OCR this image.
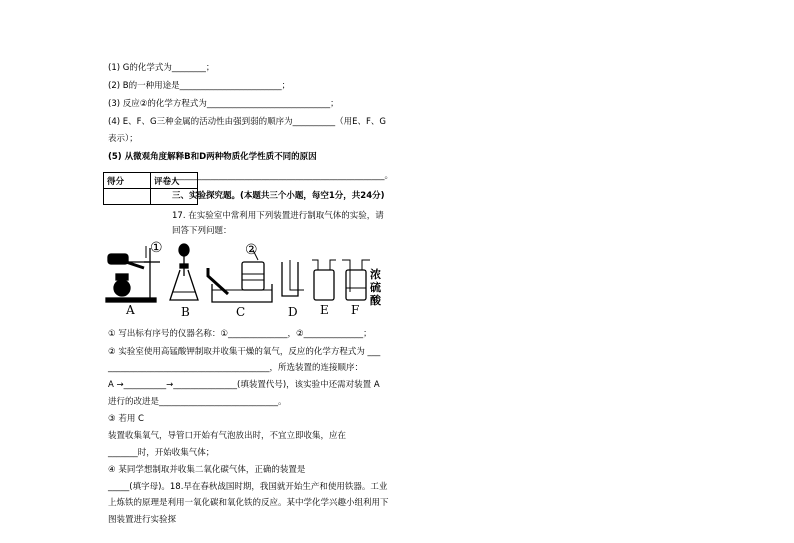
(1) G的化学式为________；
(2) B的一种用途是________________________；
(3) 反应②的化学方程式为_____________________________；
(4) E、F、G三种金属的活动性由强到弱的顺序为__________（用E、F、G
表示）；
(5) 从微观角度解释B和D两种物质化学性质不同的原因
__________________________________________________。
得分	评卷人

三、实验探究题。(本题共三个小题，每空1分，共24分)
17. 在实验室中常利用下列装置进行制取气体的实验，请
回答下列问题：
①	②
浓
硫
酸
A	B	C	D E F
① 写出标有序号的仪器名称：①______________，②______________；
② 实验室使用高锰酸钾制取并收集干燥的氧气，反应的化学方程式为 ___
______________________________________，所选装置的连接顺序：
A →__________→_______________(填装置代号)，该实验中还需对装置 A
进行的改进是____________________________。
③ 若用 C
装置收集氧气，导管口开始有气泡放出时，不宜立即收集，应在
_______时，开始收集气体；
④ 某同学想制取并收集二氧化碳气体，正确的装置是
_____(填字母)。18.早在春秋战国时期，我国就开始生产和使用铁器。工业
上炼铁的原理是利用一氧化碳和氧化铁的反应。某中学化学兴趣小组利用下
图装置进行实验探
